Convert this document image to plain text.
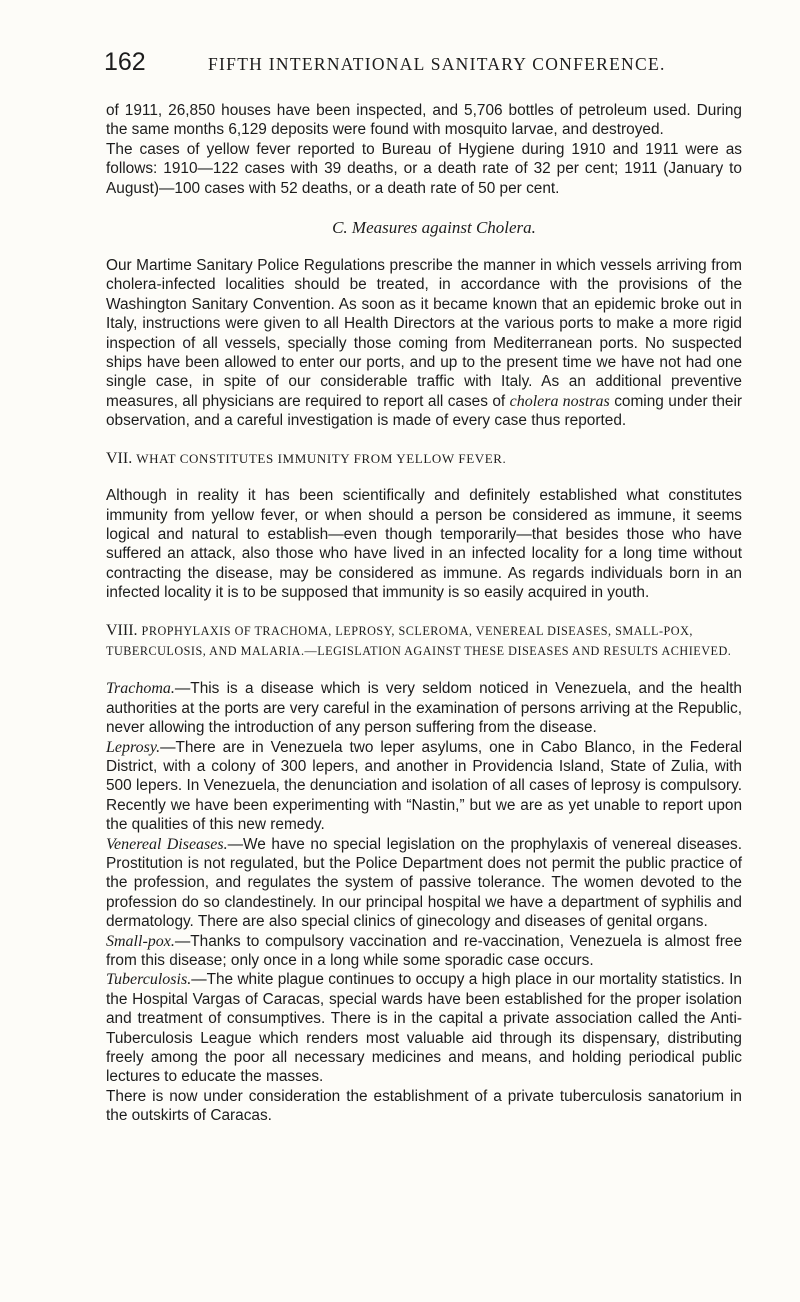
162	FIFTH INTERNATIONAL SANITARY CONFERENCE.

of 1911, 26,850 houses have been inspected, and 5,706 bottles of petroleum used. During the same months 6,129 deposits were found with mosquito larvae, and destroyed.

The cases of yellow fever reported to Bureau of Hygiene during 1910 and 1911 were as follows: 1910—122 cases with 39 deaths, or a death rate of 32 per cent; 1911 (January to August)—100 cases with 52 deaths, or a death rate of 50 per cent.

C. Measures against Cholera.

Our Martime Sanitary Police Regulations prescribe the manner in which vessels arriving from cholera-infected localities should be treated, in accordance with the provisions of the Washington Sanitary Convention. As soon as it became known that an epidemic broke out in Italy, instructions were given to all Health Directors at the various ports to make a more rigid inspection of all vessels, specially those coming from Mediterranean ports. No suspected ships have been allowed to enter our ports, and up to the present time we have not had one single case, in spite of our considerable traffic with Italy. As an additional preventive measures, all physicians are required to report all cases of cholera nostras coming under their observation, and a careful investigation is made of every case thus reported.

VII. WHAT CONSTITUTES IMMUNITY FROM YELLOW FEVER.

Although in reality it has been scientifically and definitely established what constitutes immunity from yellow fever, or when should a person be considered as immune, it seems logical and natural to establish—even though temporarily—that besides those who have suffered an attack, also those who have lived in an infected locality for a long time without contracting the disease, may be considered as immune. As regards individuals born in an infected locality it is to be supposed that immunity is so easily acquired in youth.

VIII. PROPHYLAXIS OF TRACHOMA, LEPROSY, SCLEROMA, VENEREAL DISEASES, SMALL-POX, TUBERCULOSIS, AND MALARIA.—LEGISLATION AGAINST THESE DISEASES AND RESULTS ACHIEVED.

Trachoma.—This is a disease which is very seldom noticed in Venezuela, and the health authorities at the ports are very careful in the examination of persons arriving at the Republic, never allowing the introduction of any person suffering from the disease.

Leprosy.—There are in Venezuela two leper asylums, one in Cabo Blanco, in the Federal District, with a colony of 300 lepers, and another in Providencia Island, State of Zulia, with 500 lepers. In Venezuela, the denunciation and isolation of all cases of leprosy is compulsory. Recently we have been experimenting with “Nastin,” but we are as yet unable to report upon the qualities of this new remedy.

Venereal Diseases.—We have no special legislation on the prophylaxis of venereal diseases. Prostitution is not regulated, but the Police Department does not permit the public practice of the profession, and regulates the system of passive tolerance. The women devoted to the profession do so clandestinely. In our principal hospital we have a department of syphilis and dermatology. There are also special clinics of ginecology and diseases of genital organs.

Small-pox.—Thanks to compulsory vaccination and re-vaccination, Venezuela is almost free from this disease; only once in a long while some sporadic case occurs.

Tuberculosis.—The white plague continues to occupy a high place in our mortality statistics. In the Hospital Vargas of Caracas, special wards have been established for the proper isolation and treatment of consumptives. There is in the capital a private association called the Anti-Tuberculosis League which renders most valuable aid through its dispensary, distributing freely among the poor all necessary medicines and means, and holding periodical public lectures to educate the masses.

There is now under consideration the establishment of a private tuberculosis sanatorium in the outskirts of Caracas.
